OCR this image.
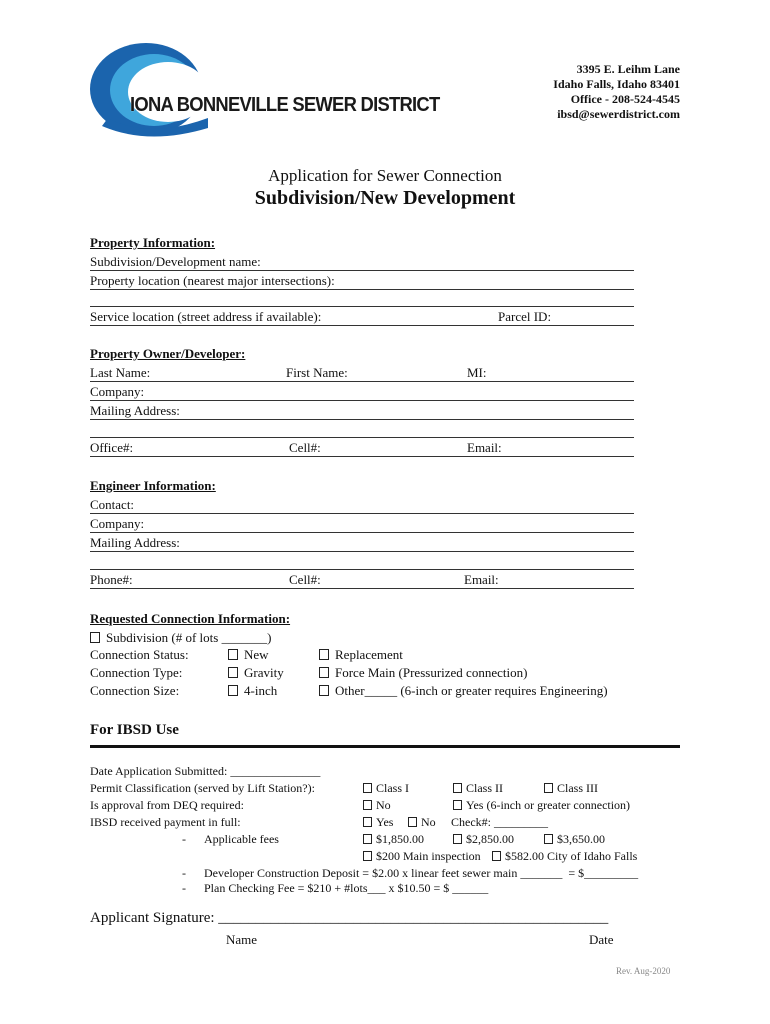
IONA BONNEVILLE SEWER DISTRICT
3395 E. Leihm Lane
Idaho Falls, Idaho 83401
Office - 208-524-4545
ibsd@sewerdistrict.com
Application for Sewer Connection
Subdivision/New Development
Property Information:
Subdivision/Development name:
Property location (nearest major intersections):
Service location (street address if available):	Parcel ID:
Property Owner/Developer:
Last Name:	First Name:	MI:
Company:
Mailing Address:
Office#:	Cell#:	Email:
Engineer Information:
Contact:
Company:
Mailing Address:
Phone#:	Cell#:	Email:
Requested Connection Information:
Subdivision (# of lots _______)
Connection Status:	New	Replacement
Connection Type:	Gravity	Force Main (Pressurized connection)
Connection Size:	4-inch	Other_____ (6-inch or greater requires Engineering)
For IBSD Use
Date Application Submitted: _______________
Permit Classification (served by Lift Station?):	Class I	Class II	Class III
Is approval from DEQ required:	No	Yes (6-inch or greater connection)
IBSD received payment in full:	Yes	No Check#: _________
- Applicable fees	$1,850.00	$2,850.00	$3,650.00
$200 Main inspection	$582.00 City of Idaho Falls
- Developer Construction Deposit = $2.00 x linear feet sewer main _______  = $_________
- Plan Checking Fee = $210 + #lots___ x $10.50 = $ ______
Applicant Signature: ____________________________________________________
Name	Date
Rev. Aug-2020
